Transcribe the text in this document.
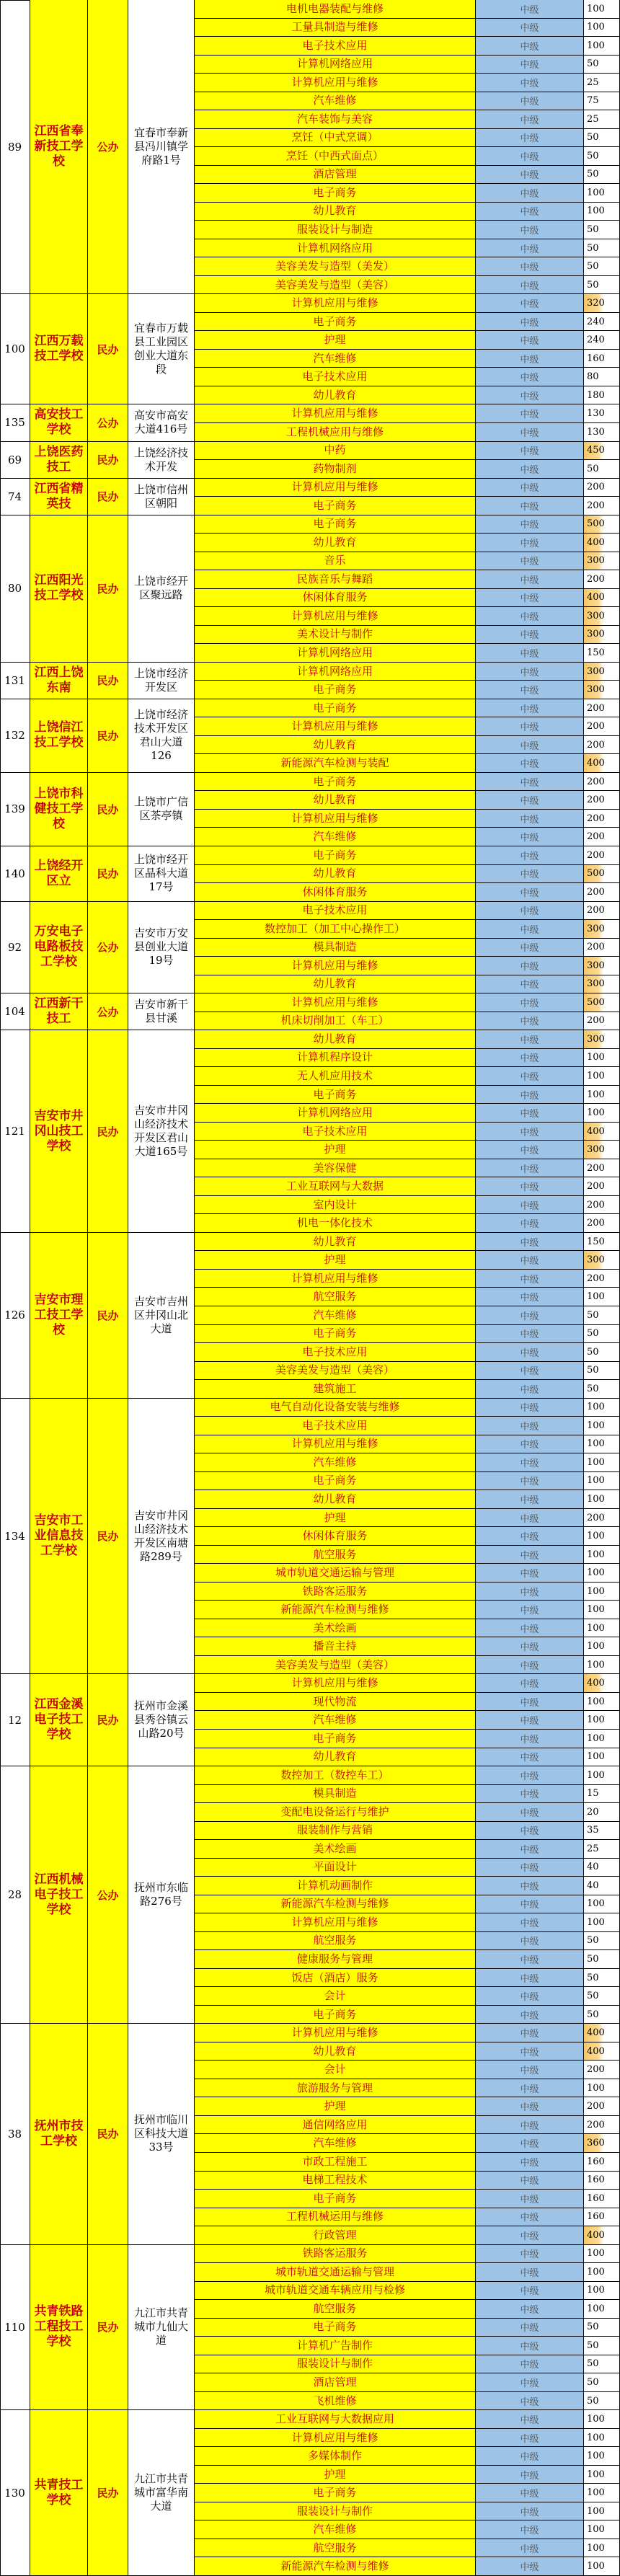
89
江西省奉新技工学校
公办
宜春市奉新县冯川镇学府路1号
电机电器装配与维修	中级	100
工量具制造与维修	中级	100
电子技术应用	中级	100
计算机网络应用	中级	50
计算机应用与维修	中级	25
汽车维修	中级	75
汽车装饰与美容	中级	25
烹饪（中式烹调）	中级	50
烹饪（中西式面点）	中级	50
酒店管理	中级	50
电子商务	中级	100
幼儿教育	中级	100
服装设计与制造	中级	50
计算机网络应用	中级	50
美容美发与造型（美发）	中级	50
美容美发与造型（美容）	中级	50
100
江西万载技工学校	民办
宜春市万载县工业园区创业大道东段
计算机应用与维修	中级	320
电子商务	中级	240
护理	中级	240
汽车维修	中级	160
电子技术应用	中级	80
幼儿教育	中级	180
135
高安技工学校	公办
高安市高安大道416号
计算机应用与维修	中级	130
工程机械应用与维修	中级	130
69
上饶医药技工	民办
上饶经济技术开发
中药	中级	450
药物制剂	中级	50
74
江西省精英技	民办
上饶市信州区朝阳
计算机应用与维修	中级	200
电子商务	中级	200
80
江西阳光技工学校	民办
上饶市经开区聚远路
电子商务	中级	500
幼儿教育	中级	400
音乐	中级	300
民族音乐与舞蹈	中级	200
休闲体育服务	中级	400
计算机应用与维修	中级	300
美术设计与制作	中级	300
计算机网络应用	中级	150
131
江西上饶东南	民办
上饶市经济开发区
计算机网络应用	中级	300
电子商务	中级	300
132
上饶信江技工学校	民办
上饶市经济技术开发区君山大道126
电子商务	中级	200
计算机应用与维修	中级	200
幼儿教育	中级	200
新能源汽车检测与装配	中级	400
139
上饶市科健技工学校
民办
上饶市广信区茶亭镇
电子商务	中级	200
幼儿教育	中级	200
计算机应用与维修	中级	200
汽车维修	中级	200
140
上饶经开区立	民办
上饶市经开区晶科大道17号
电子商务	中级	200
幼儿教育	中级	500
休闲体育服务	中级	200
92
万安电子电路板技工学校
公办
吉安市万安县创业大道19号
电子技术应用	中级	200
数控加工（加工中心操作工）	中级	300
模具制造	中级	200
计算机应用与维修	中级	300
幼儿教育	中级	300
104
江西新干技工	公办
吉安市新干县甘溪
计算机应用与维修	中级	500
机床切削加工（车工）	中级	200
121
吉安市井冈山技工学校
民办
吉安市井冈山经济技术开发区君山大道165号
幼儿教育	中级	300
计算机程序设计	中级	100
无人机应用技术	中级	100
电子商务	中级	100
计算机网络应用	中级	100
电子技术应用	中级	400
护理	中级	300
美容保健	中级	200
工业互联网与大数据	中级	200
室内设计	中级	200
机电一体化技术	中级	200
126
吉安市理工技工学校
民办
吉安市吉州区井冈山北大道
幼儿教育	中级	150
护理	中级	300
计算机应用与维修	中级	200
航空服务	中级	100
汽车维修	中级	50
电子商务	中级	50
电子技术应用	中级	50
美容美发与造型（美容）	中级	50
建筑施工	中级	50
134
吉安市工业信息技工学校
民办
吉安市井冈山经济技术开发区南塘路289号
电气自动化设备安装与维修	中级	100
电子技术应用	中级	100
计算机应用与维修	中级	100
汽车维修	中级	100
电子商务	中级	100
幼儿教育	中级	100
护理	中级	200
休闲体育服务	中级	100
航空服务	中级	100
城市轨道交通运输与管理	中级	100
铁路客运服务	中级	100
新能源汽车检测与维修	中级	100
美术绘画	中级	100
播音主持	中级	100
美容美发与造型（美容）	中级	100
12
江西金溪电子技工学校
民办
抚州市金溪县秀谷镇云山路20号
计算机应用与维修	中级	400
现代物流	中级	100
汽车维修	中级	100
电子商务	中级	100
幼儿教育	中级	100
28
江西机械电子技工学校
公办
抚州市东临路276号
数控加工（数控车工）	中级	100
模具制造	中级	15
变配电设备运行与维护	中级	20
服装制作与营销	中级	35
美术绘画	中级	25
平面设计	中级	40
计算机动画制作	中级	40
新能源汽车检测与维修	中级	100
计算机应用与维修	中级	100
航空服务	中级	50
健康服务与管理	中级	50
饭店（酒店）服务	中级	50
会计	中级	50
电子商务	中级	50
38
抚州市技工学校	民办
抚州市临川区科技大道33号
计算机应用与维修	中级	400
幼儿教育	中级	400
会计	中级	200
旅游服务与管理	中级	100
护理	中级	200
通信网络应用	中级	200
汽车维修	中级	360
市政工程施工	中级	160
电梯工程技术	中级	160
电子商务	中级	160
工程机械运用与维修	中级	160
行政管理	中级	400
110
共青铁路工程技工学校
民办
九江市共青城市九仙大道
铁路客运服务	中级	100
城市轨道交通运输与管理	中级	100
城市轨道交通车辆应用与检修	中级	100
航空服务	中级	100
电子商务	中级	50
计算机广告制作	中级	50
服装设计与制作	中级	50
酒店管理	中级	50
飞机维修	中级	50
130
共青技工学校	民办
九江市共青城市富华南大道
工业互联网与大数据应用	中级	100
计算机应用与维修	中级	100
多媒体制作	中级	100
护理	中级	100
电子商务	中级	100
服装设计与制作	中级	100
汽车维修	中级	100
航空服务	中级	100
新能源汽车检测与维修	中级	100
